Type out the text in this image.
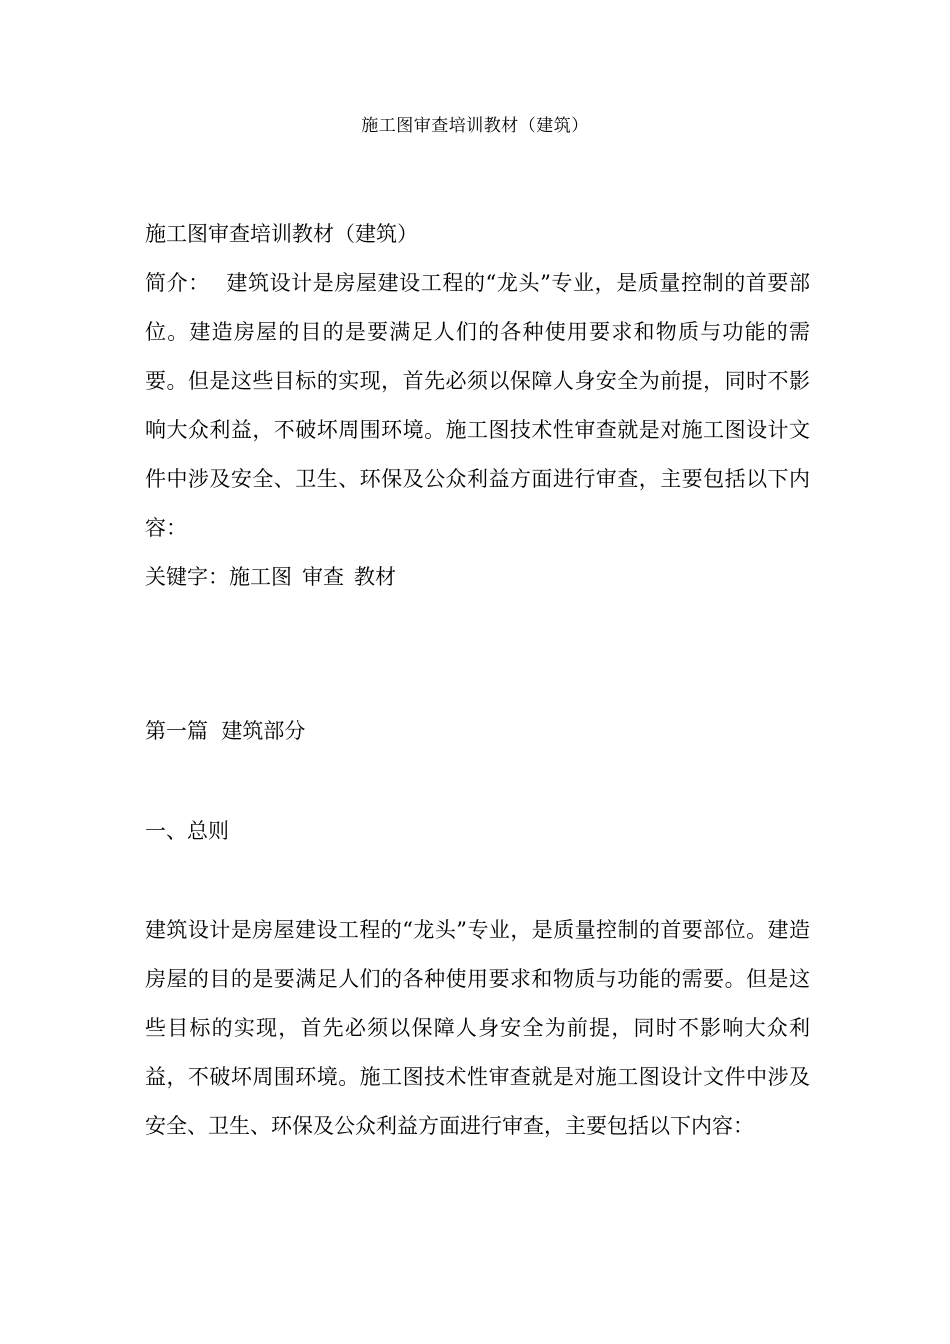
施工图审查培训教材（建筑）
施工图审查培训教材（建筑）
简介： 建筑设计是房屋建设工程的“龙头”专业，是质量控制的首要部位。建造房屋的目的是要满足人们的各种使用要求和物质与功能的需要。但是这些目标的实现，首先必须以保障人身安全为前提，同时不影响大众利益，不破坏周围环境。施工图技术性审查就是对施工图设计文件中涉及安全、卫生、环保及公众利益方面进行审查，主要包括以下内容：
关键字：施工图 审查 教材
第一篇  建筑部分
一、总则
建筑设计是房屋建设工程的“龙头”专业，是质量控制的首要部位。建造房屋的目的是要满足人们的各种使用要求和物质与功能的需要。但是这些目标的实现，首先必须以保障人身安全为前提，同时不影响大众利益，不破坏周围环境。施工图技术性审查就是对施工图设计文件中涉及安全、卫生、环保及公众利益方面进行审查，主要包括以下内容：
